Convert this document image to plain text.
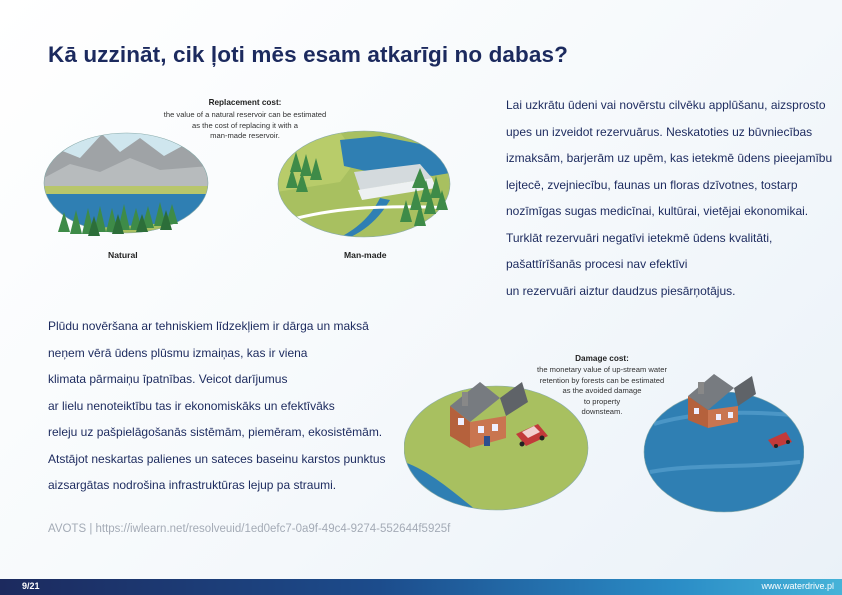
Kā uzzināt, cik ļoti mēs esam atkarīgi no dabas?
Lai uzkrātu ūdeni vai novērstu cilvēku applūšanu, aizsprosto
upes un izveidot rezervuārus. Neskatoties uz būvniecības
izmaksām, barjerām uz upēm, kas ietekmē ūdens pieejamību
lejtecē, zvejniecību, faunas un floras dzīvotnes, tostarp
nozīmīgas sugas medicīnai, kultūrai, vietējai ekonomikai.
Turklāt rezervuāri negatīvi ietekmē ūdens kvalitāti,
pašattīrīšanās procesi nav efektīvi
un rezervuāri aiztur daudzus piesārņotājus.
Plūdu novēršana ar tehniskiem līdzekļiem ir dārga un maksā
neņem vērā ūdens plūsmu izmaiņas, kas ir viena
klimata pārmaiņu īpatnības. Veicot darījumus
ar lielu nenoteiktību tas ir ekonomiskāks un efektīvāks
releju uz pašpielāgošanās sistēmām, piemēram, ekosistēmām.
Atstājot neskartas palienes un sateces baseinu karstos punktus
aizsargātas nodrošina infrastruktūras lejup pa straumi.
AVOTS | https://iwlearn.net/resolveuid/1ed0efc7-0a9f-49c4-9274-552644f5925f
Replacement cost:
the value of a natural reservoir can be estimated
as the cost of replacing it with a
man-made reservoir.
Natural	Man-made
Damage cost:
the monetary value of up-stream water
retention by forests can be estimated
as the avoided damage
to property
downsteam.
9/21	www.waterdrive.pl
